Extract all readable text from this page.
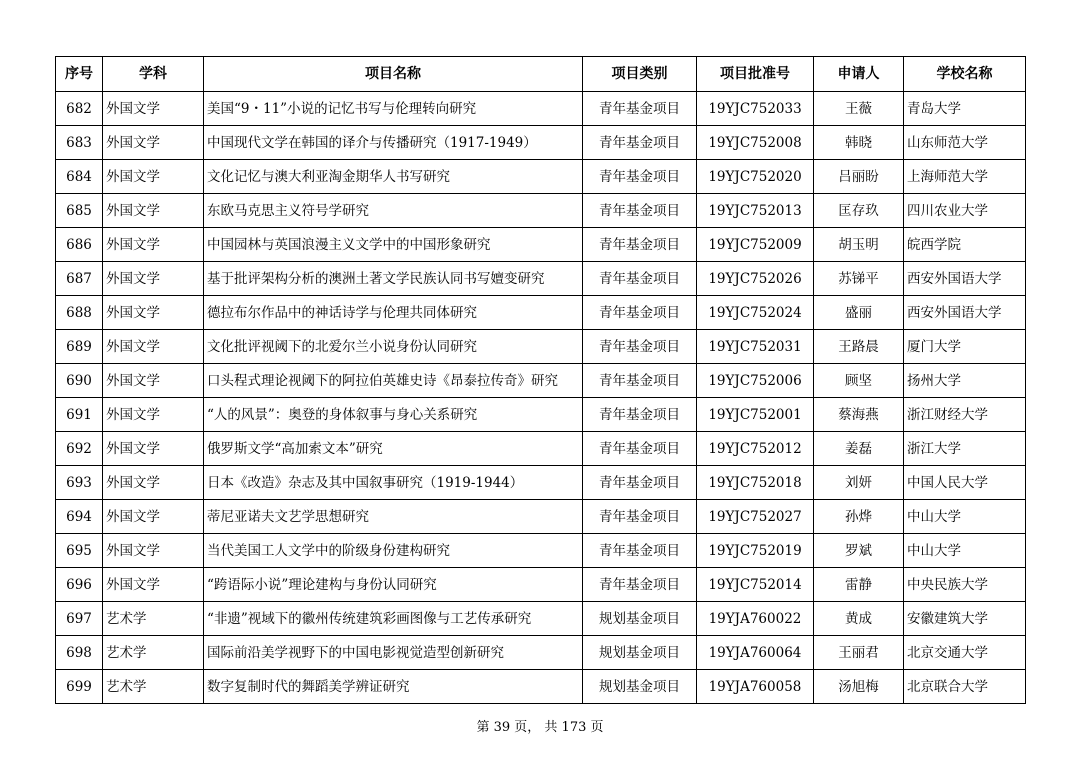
序号	学科	项目名称	项目类别	项目批准号	申请人	学校名称
682	外国文学	美国“9・11”小说的记忆书写与伦理转向研究	青年基金项目	19YJC752033	王薇	青岛大学
683	外国文学	中国现代文学在韩国的译介与传播研究（1917-1949）	青年基金项目	19YJC752008	韩晓	山东师范大学
684	外国文学	文化记忆与澳大利亚淘金期华人书写研究	青年基金项目	19YJC752020	吕丽盼	上海师范大学
685	外国文学	东欧马克思主义符号学研究	青年基金项目	19YJC752013	匡存玖	四川农业大学
686	外国文学	中国园林与英国浪漫主义文学中的中国形象研究	青年基金项目	19YJC752009	胡玉明	皖西学院
687	外国文学	基于批评架构分析的澳洲土著文学民族认同书写嬗变研究	青年基金项目	19YJC752026	苏锑平	西安外国语大学
688	外国文学	德拉布尔作品中的神话诗学与伦理共同体研究	青年基金项目	19YJC752024	盛丽	西安外国语大学
689	外国文学	文化批评视阈下的北爱尔兰小说身份认同研究	青年基金项目	19YJC752031	王路晨	厦门大学
690	外国文学	口头程式理论视阈下的阿拉伯英雄史诗《昂泰拉传奇》研究	青年基金项目	19YJC752006	顾坚	扬州大学
691	外国文学	“人的风景”：奥登的身体叙事与身心关系研究	青年基金项目	19YJC752001	蔡海燕	浙江财经大学
692	外国文学	俄罗斯文学“高加索文本”研究	青年基金项目	19YJC752012	姜磊	浙江大学
693	外国文学	日本《改造》杂志及其中国叙事研究（1919-1944）	青年基金项目	19YJC752018	刘妍	中国人民大学
694	外国文学	蒂尼亚诺夫文艺学思想研究	青年基金项目	19YJC752027	孙烨	中山大学
695	外国文学	当代美国工人文学中的阶级身份建构研究	青年基金项目	19YJC752019	罗斌	中山大学
696	外国文学	“跨语际小说”理论建构与身份认同研究	青年基金项目	19YJC752014	雷静	中央民族大学
697	艺术学	“非遗”视域下的徽州传统建筑彩画图像与工艺传承研究	规划基金项目	19YJA760022	黄成	安徽建筑大学
698	艺术学	国际前沿美学视野下的中国电影视觉造型创新研究	规划基金项目	19YJA760064	王丽君	北京交通大学
699	艺术学	数字复制时代的舞蹈美学辨证研究	规划基金项目	19YJA760058	汤旭梅	北京联合大学
第 39 页， 共 173 页
